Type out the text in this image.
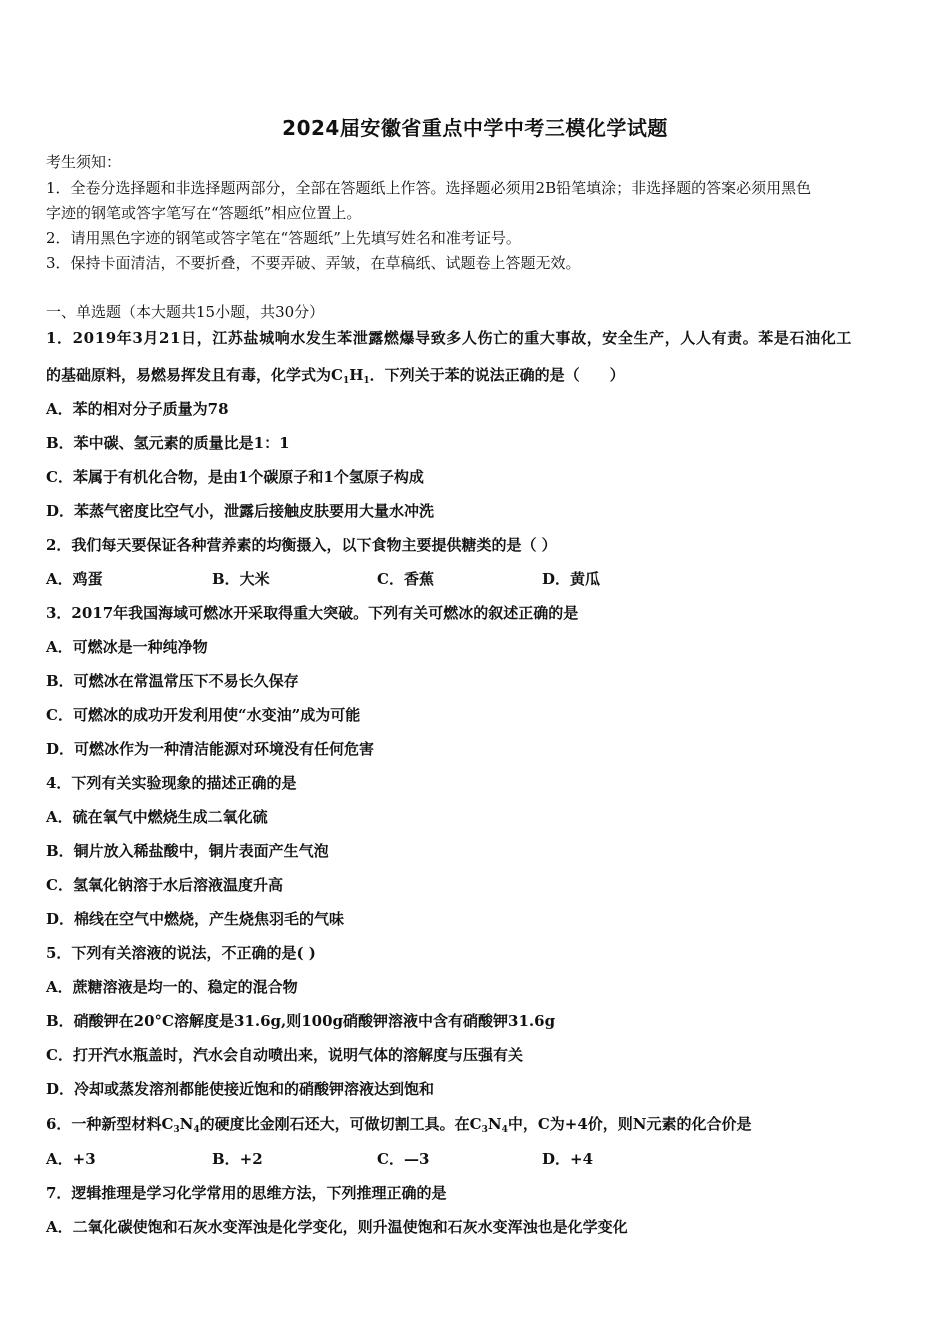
2024届安徽省重点中学中考三模化学试题
考生须知：
1．全卷分选择题和非选择题两部分，全部在答题纸上作答。选择题必须用2B铅笔填涂；非选择题的答案必须用黑色
字迹的钢笔或答字笔写在“答题纸”相应位置上。
2．请用黑色字迹的钢笔或答字笔在“答题纸”上先填写姓名和准考证号。
3．保持卡面清洁，不要折叠，不要弄破、弄皱，在草稿纸、试题卷上答题无效。
一、单选题（本大题共15小题，共30分）
1．2019年3月21日，江苏盐城响水发生苯泄露燃爆导致多人伤亡的重大事故，安全生产，人人有责。苯是石油化工
的基础原料，易燃易挥发且有毒，化学式为$C_1H_1$．下列关于苯的说法正确的是（　　）
A．苯的相对分子质量为78
B．苯中碳、氢元素的质量比是1：1
C．苯属于有机化合物，是由1个碳原子和1个氢原子构成
D．苯蒸气密度比空气小，泄露后接触皮肤要用大量水冲洗
2．我们每天要保证各种营养素的均衡摄入，以下食物主要提供糖类的是（ ）
A．鸡蛋	B．大米	C．香蕉	D．黄瓜
3．2017年我国海域可燃冰开采取得重大突破。下列有关可燃冰的叙述正确的是
A．可燃冰是一种纯净物
B．可燃冰在常温常压下不易长久保存
C．可燃冰的成功开发利用使“水变油”成为可能
D．可燃冰作为一种清洁能源对环境没有任何危害
4．下列有关实验现象的描述正确的是
A．硫在氧气中燃烧生成二氧化硫
B．铜片放入稀盐酸中，铜片表面产生气泡
C．氢氧化钠溶于水后溶液温度升高
D．棉线在空气中燃烧，产生烧焦羽毛的气味
5．下列有关溶液的说法，不正确的是( )
A．蔗糖溶液是均一的、稳定的混合物
B．硝酸钾在20°C溶解度是31.6g,则100g硝酸钾溶液中含有硝酸钾31.6g
C．打开汽水瓶盖时，汽水会自动喷出来，说明气体的溶解度与压强有关
D．冷却或蒸发溶剂都能使接近饱和的硝酸钾溶液达到饱和
6．一种新型材料$C_3N_4$的硬度比金刚石还大，可做切割工具。在$C_3N_4$中，C为+4价，则N元素的化合价是
A．+3	B．+2	C．—3	D．+4
7．逻辑推理是学习化学常用的思维方法，下列推理正确的是
A．二氧化碳使饱和石灰水变浑浊是化学变化，则升温使饱和石灰水变浑浊也是化学变化
